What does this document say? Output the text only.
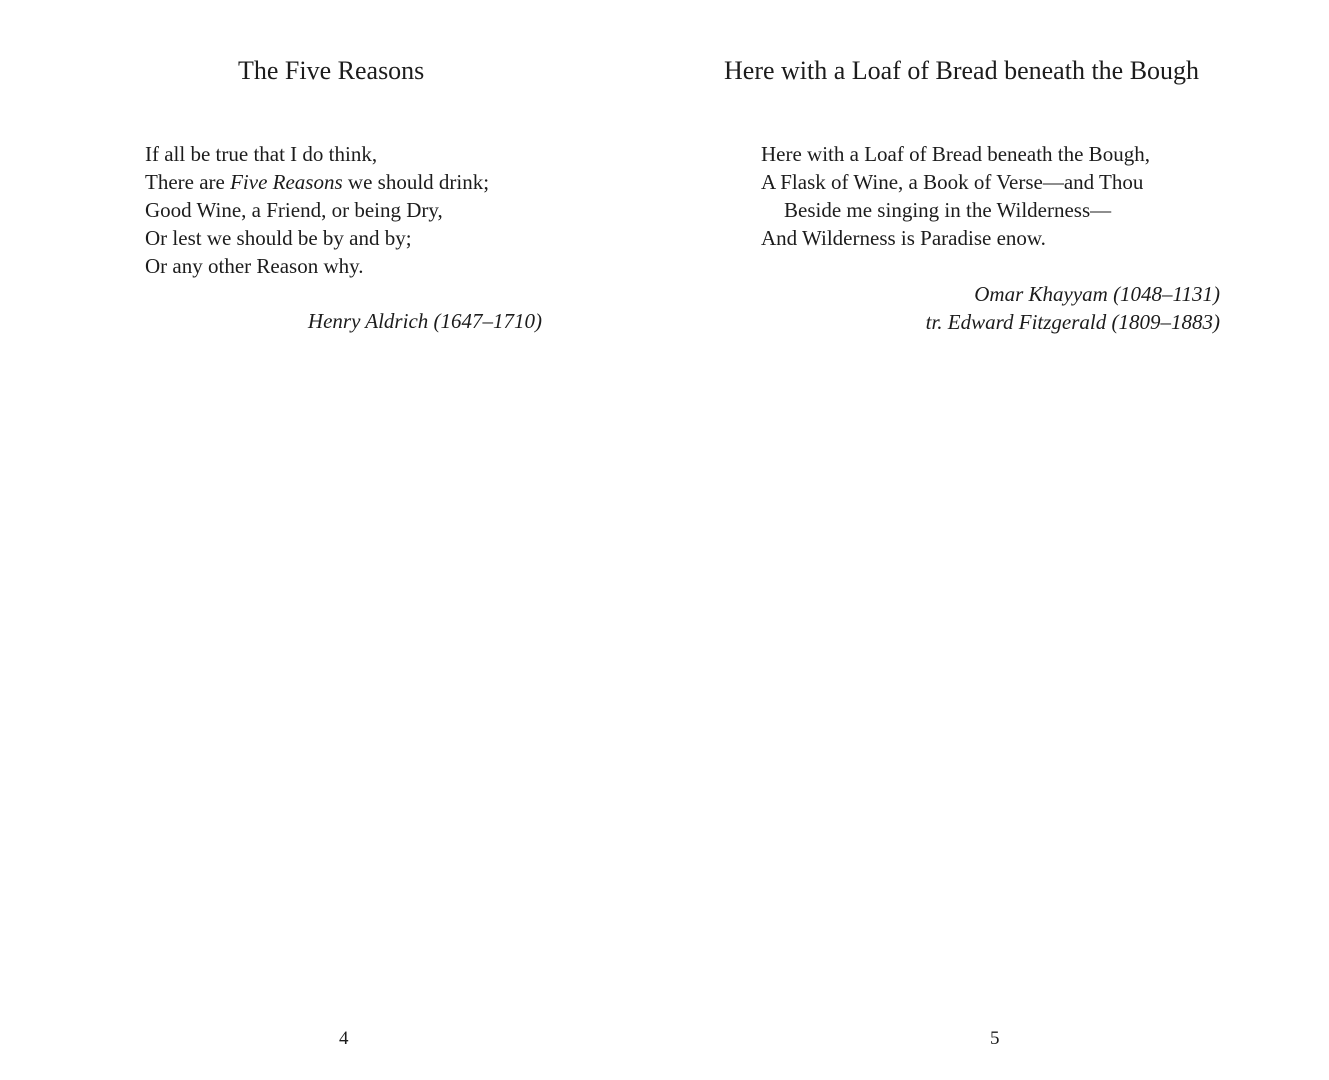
The Five Reasons
If all be true that I do think,
There are Five Reasons we should drink;
Good Wine, a Friend, or being Dry,
Or lest we should be by and by;
Or any other Reason why.
Henry Aldrich (1647–1710)
4
Here with a Loaf of Bread beneath the Bough
Here with a Loaf of Bread beneath the Bough,
A Flask of Wine, a Book of Verse—and Thou
Beside me singing in the Wilderness—
And Wilderness is Paradise enow.
Omar Khayyam (1048–1131)
tr. Edward Fitzgerald (1809–1883)
5
